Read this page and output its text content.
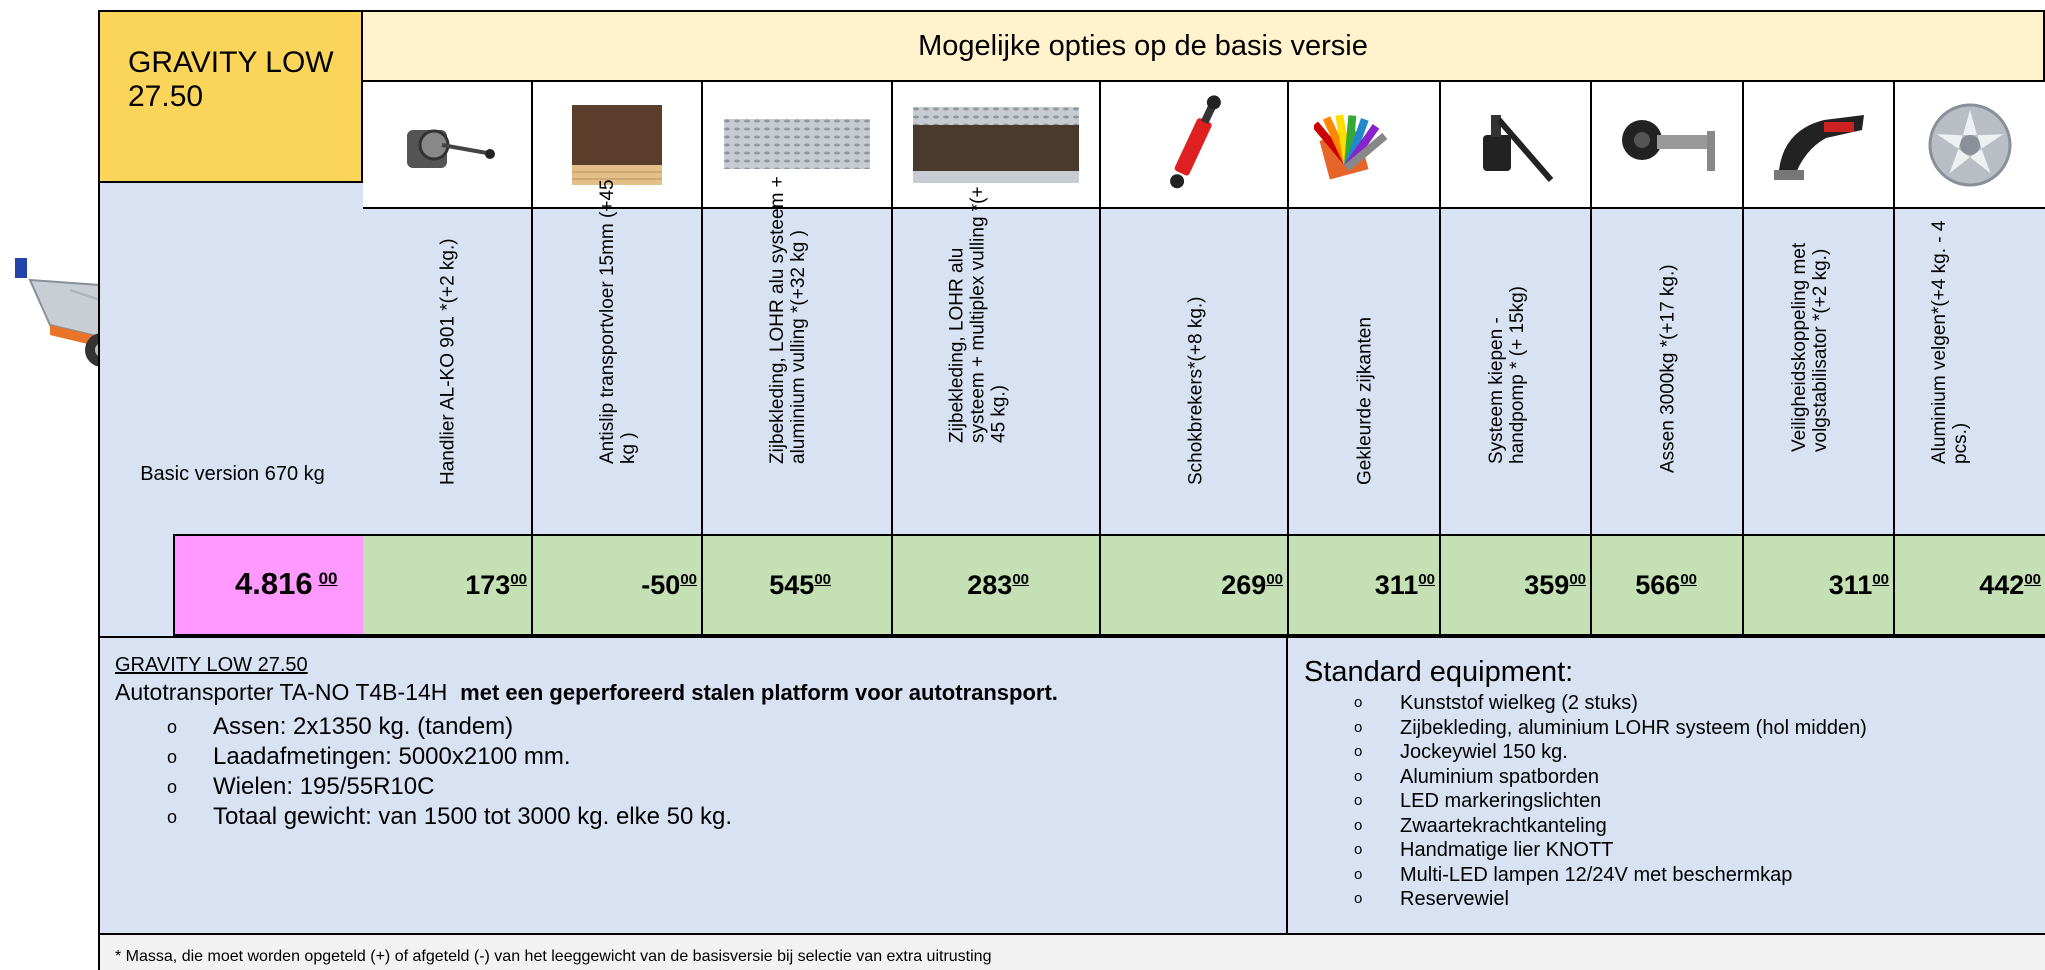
GRAVITY LOW
27.50
Mogelijke opties op de basis versie
Basic version 670 kg	Handlier AL-KO 901 *(+2 kg.)	Antislip transportvloer 15mm (+45 kg )	Zijbekleding, LOHR alu systeem + aluminium vulling *(+32 kg )	Zijbekleding, LOHR alu systeem + multiplex vulling *(+ 45 kg.)	Schokbrekers*(+8 kg.)	Gekleurde zijkanten	Systeem kiepen - handpomp * (+ 15kg)	Assen 3000kg *(+17 kg.)	Veiligheidskoppeling met volgstabilisator *(+2 kg.)	Aluminium velgen*(+4 kg. - 4 pcs.)
4.816 $^{00}$	$173^{00}$	$-50^{00}$	$545^{00}$	$283^{00}$	$269^{00}$	$311^{00}$	$359^{00}$	$566^{00}$	$311^{00}$	$442^{00}$
GRAVITY LOW 27.50
Autotransporter TA-NO T4B-14H met een geperforeerd stalen platform voor autotransport.
o Assen: 2x1350 kg. (tandem)
o Laadafmetingen: 5000x2100 mm.
o Wielen: 195/55R10C
o Totaal gewicht: van 1500 tot 3000 kg. elke 50 kg.
Standard equipment:
o Kunststof wielkeg (2 stuks)
o Zijbekleding, aluminium LOHR systeem (hol midden)
o Jockeywiel 150 kg.
o Aluminium spatborden
o LED markeringslichten
o Zwaartekrachtkanteling
o Handmatige lier KNOTT
o Multi-LED lampen 12/24V met beschermkap
o Reservewiel
* Massa, die moet worden opgeteld (+) of afgeteld (-) van het leeggewicht van de basisversie bij selectie van extra uitrusting
